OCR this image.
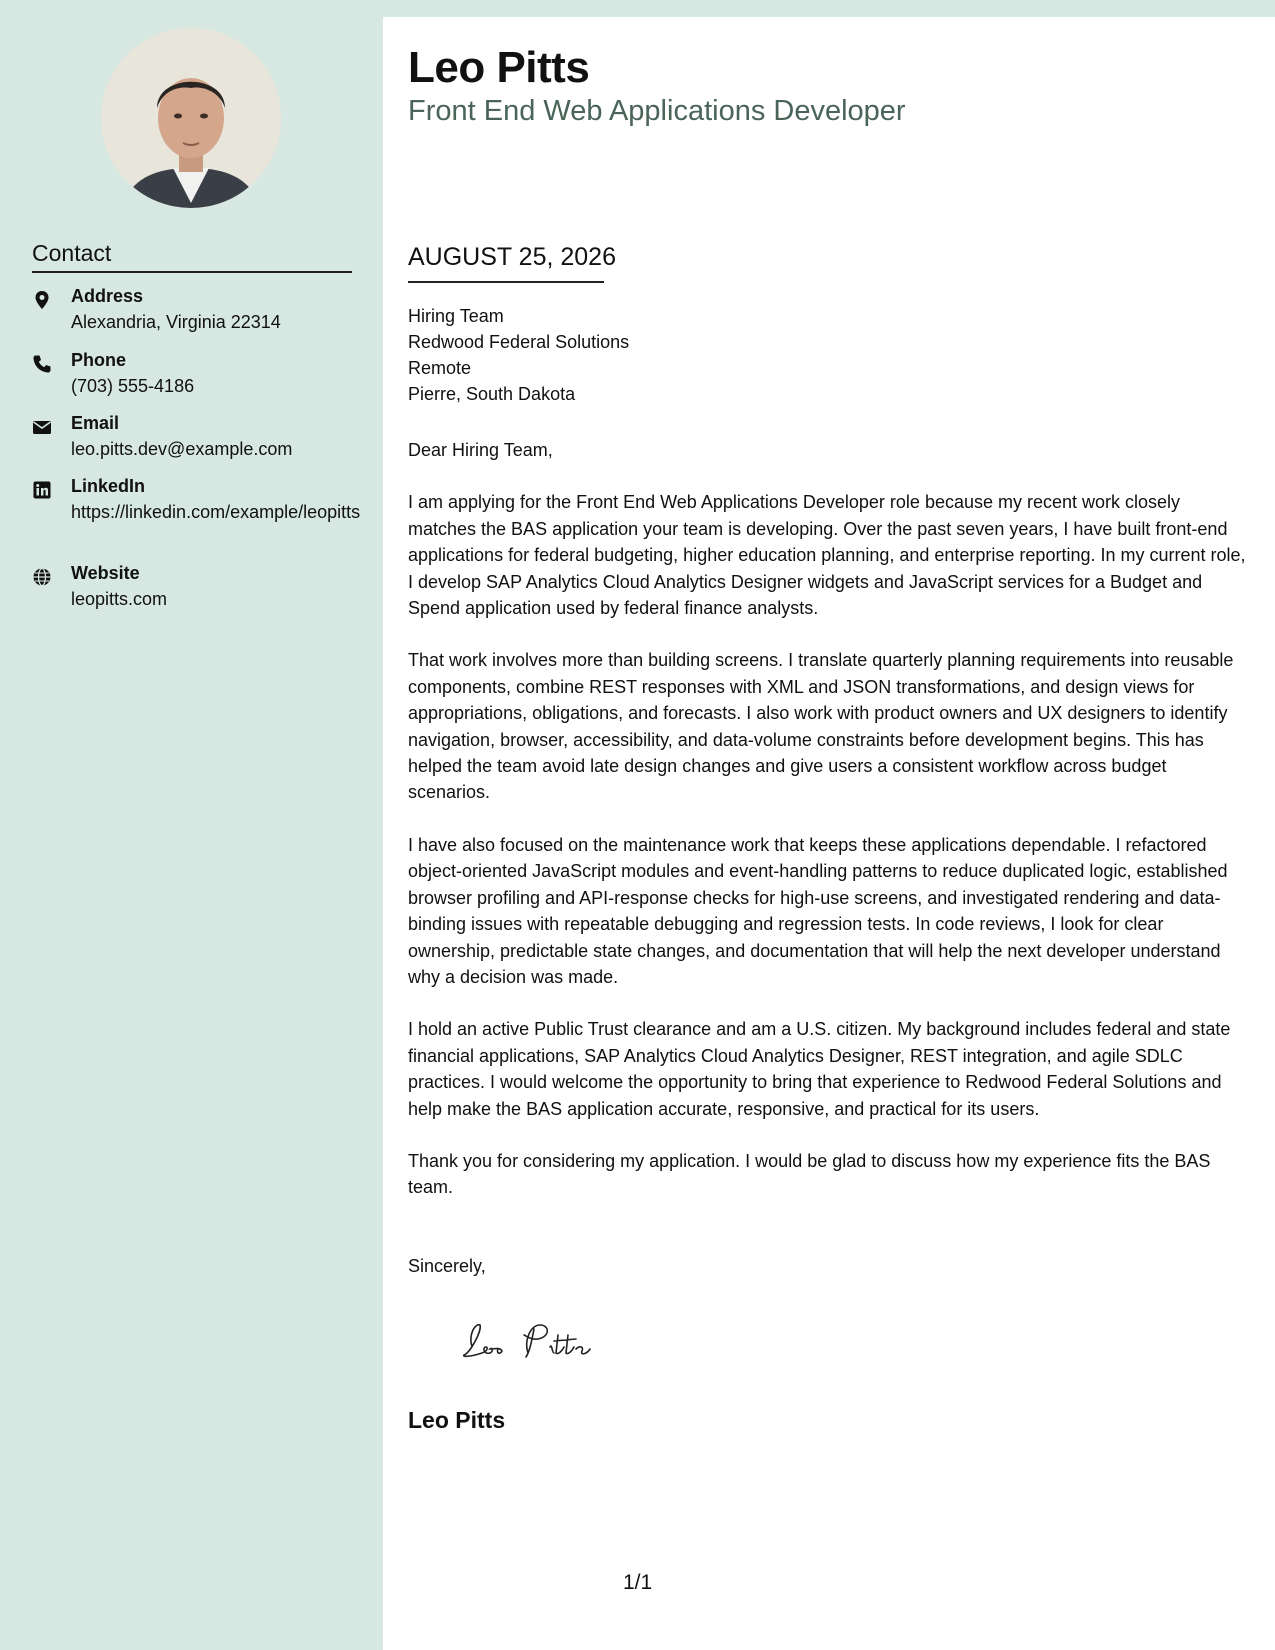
Contact
Address
Alexandria, Virginia 22314
Phone
(703) 555-4186
Email
leo.pitts.dev@example.com
LinkedIn
https://linkedin.com/example/leopitts
Website
leopitts.com
Leo Pitts
Front End Web Applications Developer
AUGUST 25, 2026
Hiring Team
Redwood Federal Solutions
Remote
Pierre, South Dakota

Dear Hiring Team,

I am applying for the Front End Web Applications Developer role because my recent work closely matches the BAS application your team is developing. Over the past seven years, I have built front-end applications for federal budgeting, higher education planning, and enterprise reporting. In my current role, I develop SAP Analytics Cloud Analytics Designer widgets and JavaScript services for a Budget and Spend application used by federal finance analysts.

That work involves more than building screens. I translate quarterly planning requirements into reusable components, combine REST responses with XML and JSON transformations, and design views for appropriations, obligations, and forecasts. I also work with product owners and UX designers to identify navigation, browser, accessibility, and data-volume constraints before development begins. This has helped the team avoid late design changes and give users a consistent workflow across budget scenarios.

I have also focused on the maintenance work that keeps these applications dependable. I refactored object-oriented JavaScript modules and event-handling patterns to reduce duplicated logic, established browser profiling and API-response checks for high-use screens, and investigated rendering and data-binding issues with repeatable debugging and regression tests. In code reviews, I look for clear ownership, predictable state changes, and documentation that will help the next developer understand why a decision was made.

I hold an active Public Trust clearance and am a U.S. citizen. My background includes federal and state financial applications, SAP Analytics Cloud Analytics Designer, REST integration, and agile SDLC practices. I would welcome the opportunity to bring that experience to Redwood Federal Solutions and help make the BAS application accurate, responsive, and practical for its users.

Thank you for considering my application. I would be glad to discuss how my experience fits the BAS team.

Sincerely,
Leo Pitts
1/1
